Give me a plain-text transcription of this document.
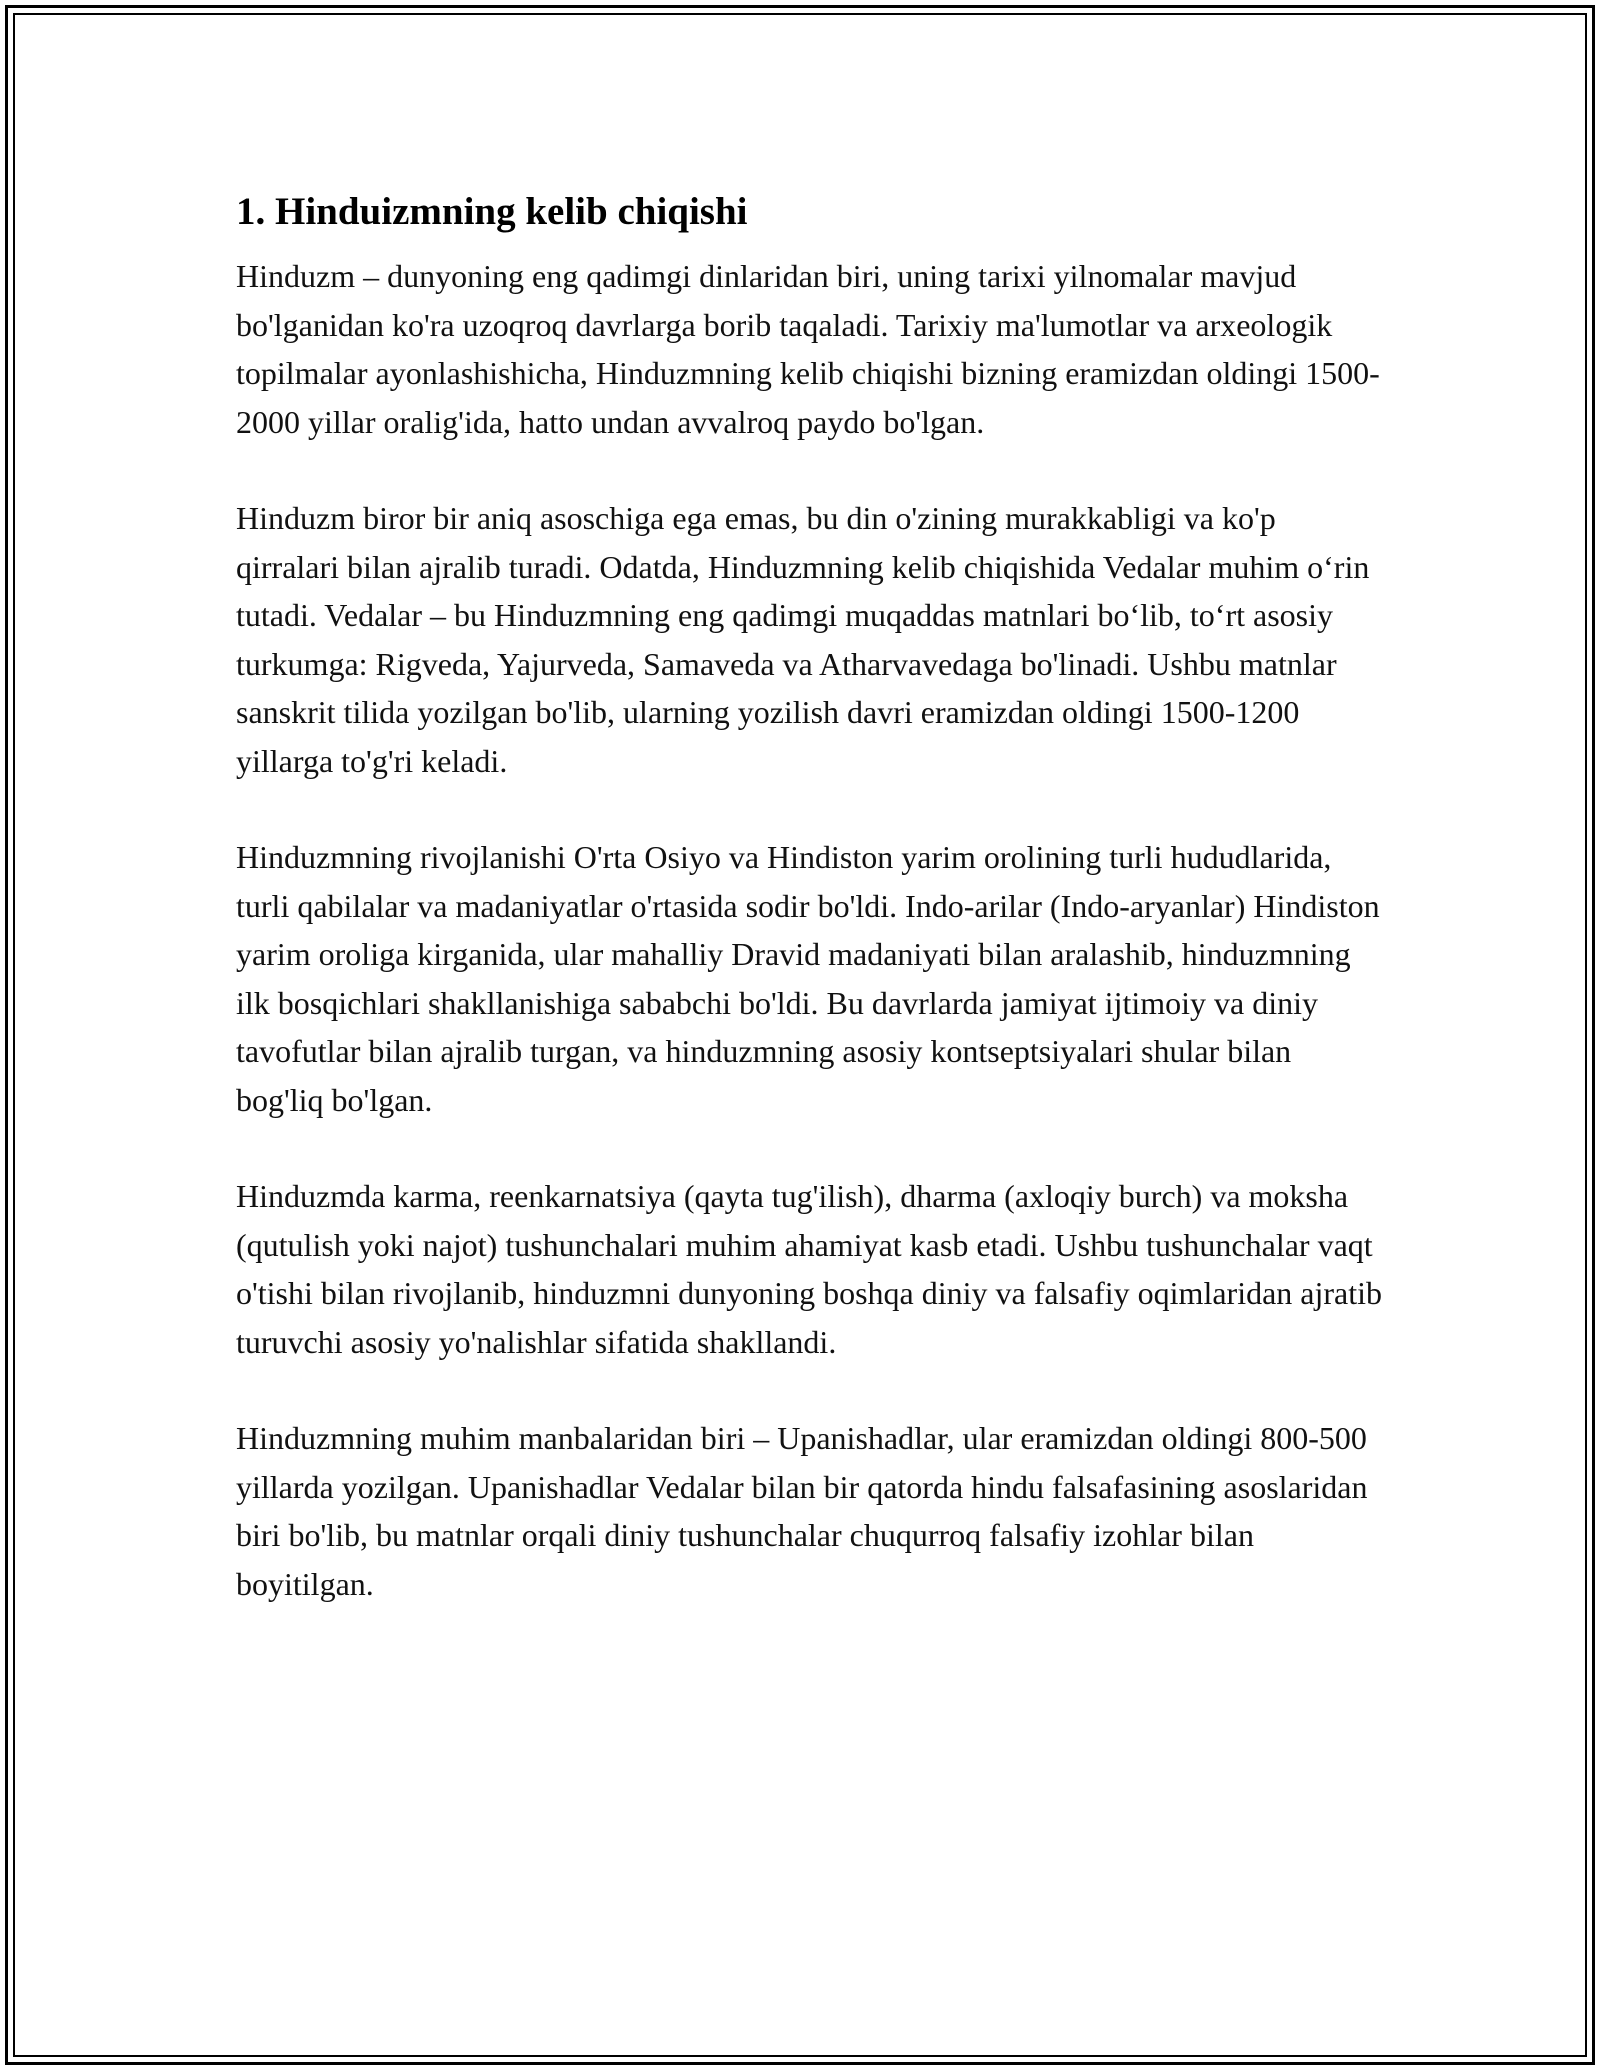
1. Hinduizmning kelib chiqishi

Hinduzm – dunyoning eng qadimgi dinlaridan biri, uning tarixi yilnomalar mavjud bo'lganidan ko'ra uzoqroq davrlarga borib taqaladi. Tarixiy ma'lumotlar va arxeologik topilmalar ayonlashishicha, Hinduzmning kelib chiqishi bizning eramizdan oldingi 1500-2000 yillar oralig'ida, hatto undan avvalroq paydo bo'lgan.

Hinduzm biror bir aniq asoschiga ega emas, bu din o'zining murakkabligi va ko'p qirralari bilan ajralib turadi. Odatda, Hinduzmning kelib chiqishida Vedalar muhim o‘rin tutadi. Vedalar – bu Hinduzmning eng qadimgi muqaddas matnlari bo‘lib, to‘rt asosiy turkumga: Rigveda, Yajurveda, Samaveda va Atharvavedaga bo'linadi. Ushbu matnlar sanskrit tilida yozilgan bo'lib, ularning yozilish davri eramizdan oldingi 1500-1200 yillarga to'g'ri keladi.

Hinduzmning rivojlanishi O'rta Osiyo va Hindiston yarim orolining turli hududlarida, turli qabilalar va madaniyatlar o'rtasida sodir bo'ldi. Indo-arilar (Indo-aryanlar) Hindiston yarim oroliga kirganida, ular mahalliy Dravid madaniyati bilan aralashib, hinduzmning ilk bosqichlari shakllanishiga sababchi bo'ldi. Bu davrlarda jamiyat ijtimoiy va diniy tavofutlar bilan ajralib turgan, va hinduzmning asosiy kontseptsiyalari shular bilan bog'liq bo'lgan.

Hinduzmda karma, reenkarnatsiya (qayta tug'ilish), dharma (axloqiy burch) va moksha (qutulish yoki najot) tushunchalari muhim ahamiyat kasb etadi. Ushbu tushunchalar vaqt o'tishi bilan rivojlanib, hinduzmni dunyoning boshqa diniy va falsafiy oqimlaridan ajratib turuvchi asosiy yo'nalishlar sifatida shakllandi.

Hinduzmning muhim manbalaridan biri – Upanishadlar, ular eramizdan oldingi 800-500 yillarda yozilgan. Upanishadlar Vedalar bilan bir qatorda hindu falsafasining asoslaridan biri bo'lib, bu matnlar orqali diniy tushunchalar chuqurroq falsafiy izohlar bilan boyitilgan.
